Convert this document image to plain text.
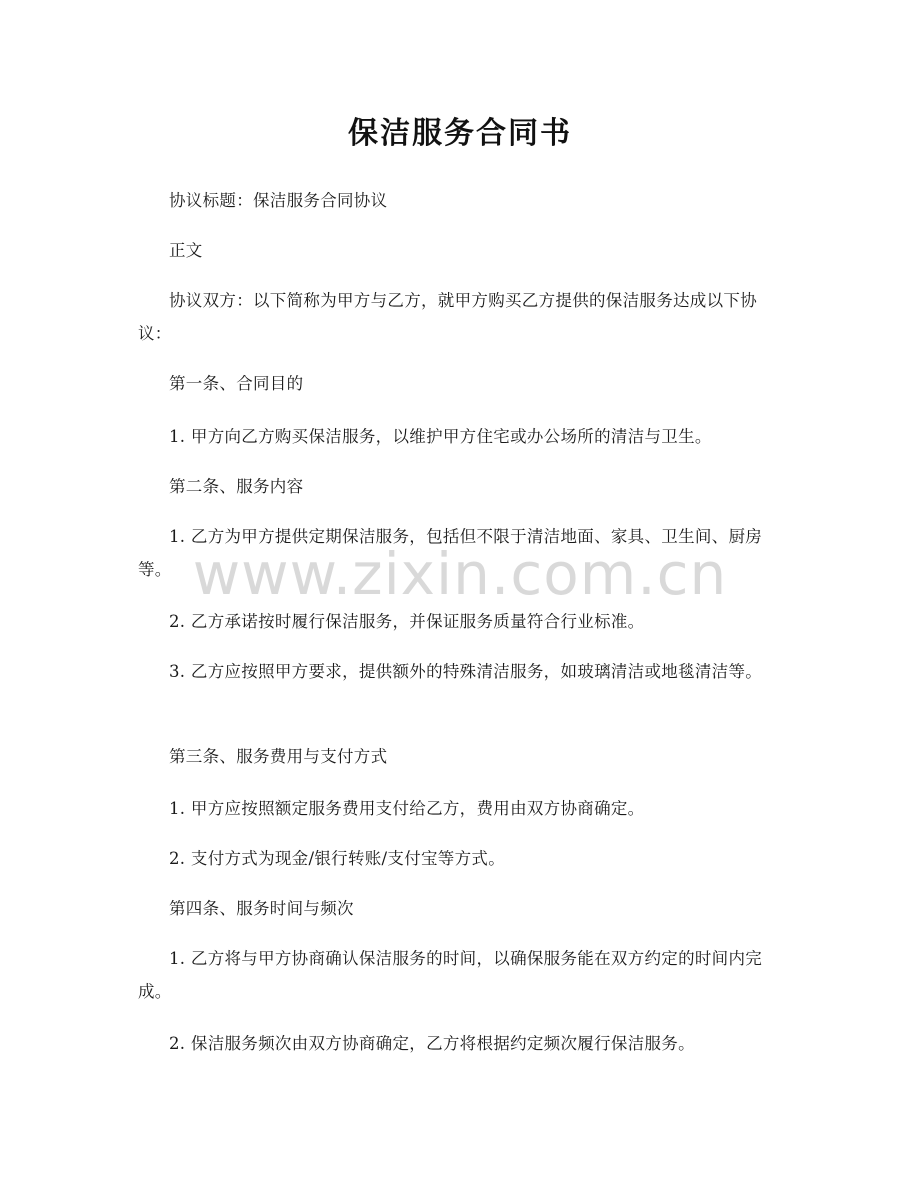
保洁服务合同书

协议标题：保洁服务合同协议

正文

协议双方：以下简称为甲方与乙方，就甲方购买乙方提供的保洁服务达成以下协议：

第一条、合同目的

1. 甲方向乙方购买保洁服务，以维护甲方住宅或办公场所的清洁与卫生。

第二条、服务内容

1. 乙方为甲方提供定期保洁服务，包括但不限于清洁地面、家具、卫生间、厨房等。

2. 乙方承诺按时履行保洁服务，并保证服务质量符合行业标准。

3. 乙方应按照甲方要求，提供额外的特殊清洁服务，如玻璃清洁或地毯清洁等。

第三条、服务费用与支付方式

1. 甲方应按照额定服务费用支付给乙方，费用由双方协商确定。

2. 支付方式为现金/银行转账/支付宝等方式。

第四条、服务时间与频次

1. 乙方将与甲方协商确认保洁服务的时间，以确保服务能在双方约定的时间内完成。

2. 保洁服务频次由双方协商确定，乙方将根据约定频次履行保洁服务。

www.zixin.com.cn
